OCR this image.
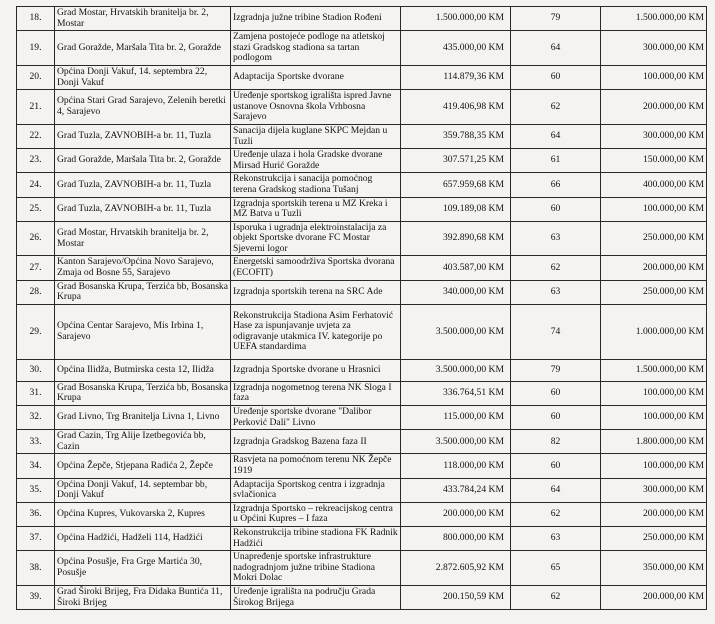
18.	Grad Mostar, Hrvatskih branitelja br. 2, Mostar	Izgradnja južne tribine Stadion Rođeni	1.500.000,00 KM	79	1.500.000,00 KM
19.	Grad Goražde, Maršala Tita br. 2, Goražde	Zamjena postojeće podloge na atletskoj stazi Gradskog stadiona sa tartan podlogom	435.000,00 KM	64	300.000,00 KM
20.	Općina Donji Vakuf, 14. septembra 22, Donji Vakuf	Adaptacija Sportske dvorane	114.879,36 KM	60	100.000,00 KM
21.	Općina Stari Grad Sarajevo, Zelenih beretki 4, Sarajevo	Uređenje sportskog igrališta ispred Javne ustanove Osnovna škola Vrhbosna Sarajevo	419.406,98 KM	62	200.000,00 KM
22.	Grad Tuzla, ZAVNOBIH-a br. 11, Tuzla	Sanacija dijela kuglane SKPC Mejdan u Tuzli	359.788,35 KM	64	300.000,00 KM
23.	Grad Goražde, Maršala Tita br. 2, Goražde	Uređenje ulaza i hola Gradske dvorane Mirsad Hurić Goražde	307.571,25 KM	61	150.000,00 KM
24.	Grad Tuzla, ZAVNOBIH-a br. 11, Tuzla	Rekonstrukcija i sanacija pomoćnog terena Gradskog stadiona Tušanj	657.959,68 KM	66	400.000,00 KM
25.	Grad Tuzla, ZAVNOBIH-a br. 11, Tuzla	Izgradnja sportskih terena u MZ Kreka i MZ Batva u Tuzli	109.189,08 KM	60	100.000,00 KM
26.	Grad Mostar, Hrvatskih branitelja br. 2, Mostar	Isporuka i ugradnja elektroinstalacija za objekt Sportske dvorane FC Mostar Sjeverni logor	392.890,68 KM	63	250.000,00 KM
27.	Kanton Sarajevo/Općina Novo Sarajevo, Zmaja od Bosne 55, Sarajevo	Energetski samoodrživa Sportska dvorana (ECOFIT)	403.587,00 KM	62	200.000,00 KM
28.	Grad Bosanska Krupa, Terzića bb, Bosanska Krupa	Izgradnja sportskih terena na SRC Ade	340.000,00 KM	63	250.000,00 KM
29.	Općina Centar Sarajevo, Mis Irbina 1, Sarajevo	Rekonstrukcija Stadiona Asim Ferhatović Hase za ispunjavanje uvjeta za odigravanje utakmica IV. kategorije po UEFA standardima	3.500.000,00 KM	74	1.000.000,00 KM
30.	Općina Ilidža, Butmirska cesta 12, Ilidža	Izgradnja Sportske dvorane u Hrasnici	3.500.000,00 KM	79	1.500.000,00 KM
31.	Grad Bosanska Krupa, Terzića bb, Bosanska Krupa	Izgradnja nogometnog terena NK Sloga I faza	336.764,51 KM	60	100.000,00 KM
32.	Grad Livno, Trg Branitelja Livna 1, Livno	Uređenje sportske dvorane "Dalibor Perković Dali" Livno	115.000,00 KM	60	100.000,00 KM
33.	Grad Cazin, Trg Alije Izetbegovića bb, Cazin	Izgradnja Gradskog Bazena faza II	3.500.000,00 KM	82	1.800.000,00 KM
34.	Općina Žepče, Stjepana Radića 2, Žepče	Rasvjeta na pomoćnom terenu NK Žepče 1919	118.000,00 KM	60	100.000,00 KM
35.	Općina Donji Vakuf, 14. septembar bb, Donji Vakuf	Adaptacija Sportskog centra i izgradnja svlačionica	433.784,24 KM	64	300.000,00 KM
36.	Općina Kupres, Vukovarska 2, Kupres	Izgradnja Sportsko – rekreacijskog centra u Općini Kupres – I faza	200.000,00 KM	62	200.000,00 KM
37.	Općina Hadžići, Hadželi 114, Hadžići	Rekonstrukcija tribine stadiona FK Radnik Hadžići	800.000,00 KM	63	250.000,00 KM
38.	Općina Posušje, Fra Grge Martića 30, Posušje	Unapređenje sportske infrastrukture nadogradnjom južne tribine Stadiona Mokri Dolac	2.872.605,92 KM	65	350.000,00 KM
39.	Grad Široki Brijeg, Fra Didaka Buntića 11, Široki Brijeg	Uređenje igrališta na području Grada Širokog Brijega	200.150,59 KM	62	200.000,00 KM
